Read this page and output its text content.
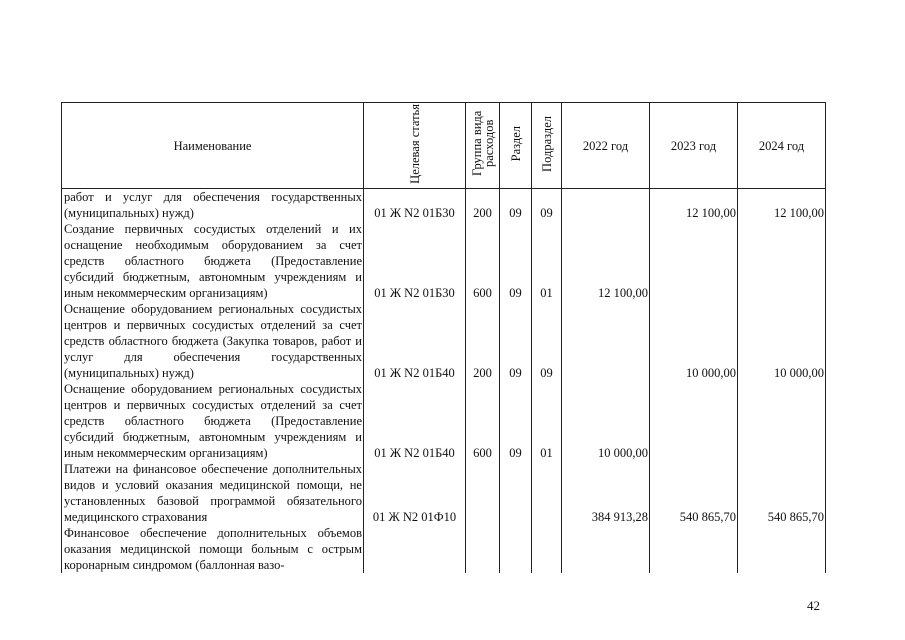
Наименование	Целевая статья	Группа вида расходов	Раздел	Подраздел	2022 год	2023 год	2024 год
работ и услуг для обеспечения государственных (муниципальных) нужд)	01 Ж N2 01Б30	200	09	09		12 100,00	12 100,00
Создание первичных сосудистых отделений и их оснащение необходимым оборудованием за счет средств областного бюджета (Предоставление субсидий бюджетным, автономным учреждениям и иным некоммерческим организациям)	01 Ж N2 01Б30	600	09	01	12 100,00		
Оснащение оборудованием региональных сосудистых центров и первичных сосудистых отделений за счет средств областного бюджета (Закупка товаров, работ и услуг для обеспечения государственных (муниципальных) нужд)	01 Ж N2 01Б40	200	09	09		10 000,00	10 000,00
Оснащение оборудованием региональных сосудистых центров и первичных сосудистых отделений за счет средств областного бюджета (Предоставление субсидий бюджетным, автономным учреждениям и иным некоммерческим организациям)	01 Ж N2 01Б40	600	09	01	10 000,00		
Платежи на финансовое обеспечение дополнительных видов и условий оказания медицинской помощи, не установленных базовой программой обязательного медицинского страхования	01 Ж N2 01Ф10				384 913,28	540 865,70	540 865,70
Финансовое обеспечение дополнительных объемов оказания медицинской помощи больным с острым коронарным синдромом (баллонная вазо-							
42
